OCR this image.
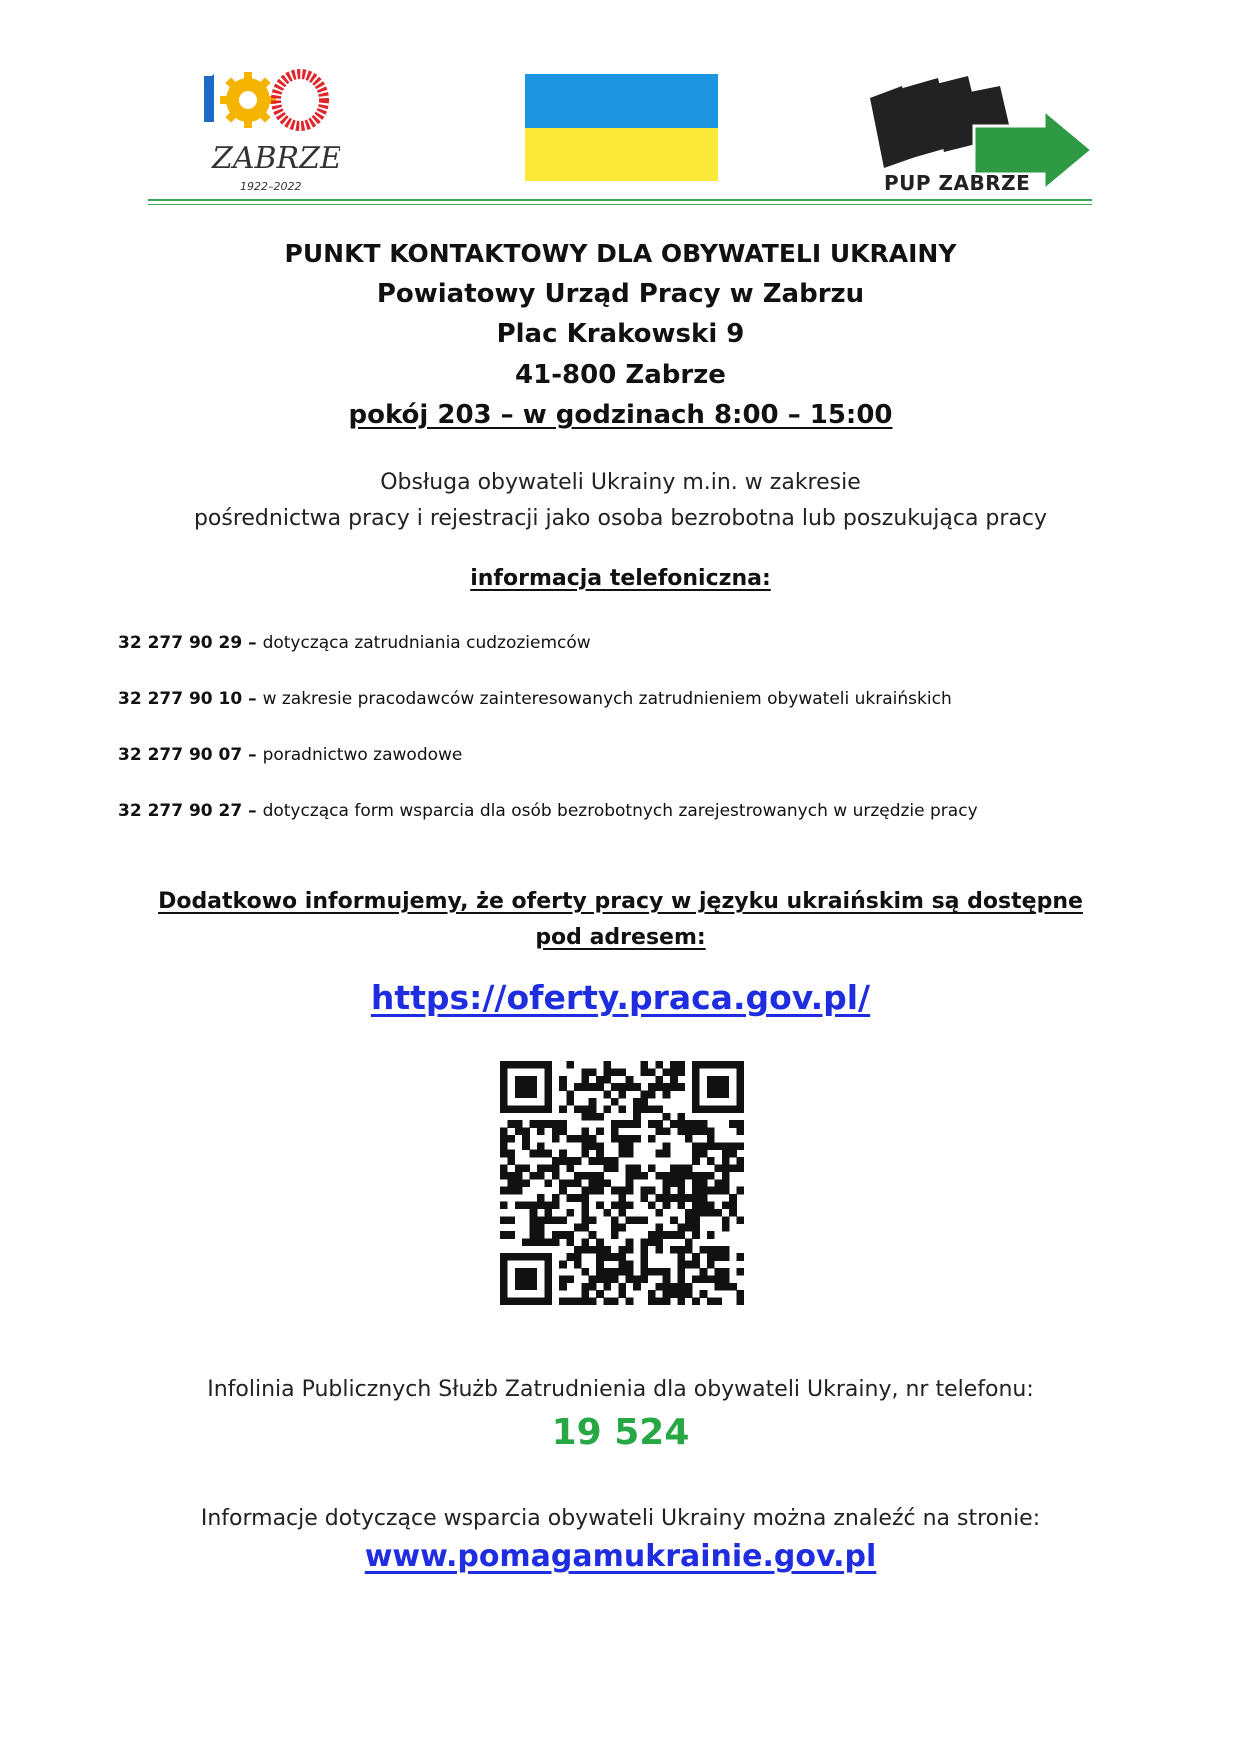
ZABRZE
1922–2022	PUP ZABRZE
PUNKT KONTAKTOWY DLA OBYWATELI UKRAINY
Powiatowy Urząd Pracy w Zabrzu
Plac Krakowski 9
41-800 Zabrze
pokój 203 – w godzinach 8:00 – 15:00
Obsługa obywateli Ukrainy m.in. w zakresie
pośrednictwa pracy i rejestracji jako osoba bezrobotna lub poszukująca pracy
informacja telefoniczna:
32 277 90 29 – dotycząca zatrudniania cudzoziemców
32 277 90 10 – w zakresie pracodawców zainteresowanych zatrudnieniem obywateli ukraińskich
32 277 90 07 – poradnictwo zawodowe
32 277 90 27 – dotycząca form wsparcia dla osób bezrobotnych zarejestrowanych w urzędzie pracy
Dodatkowo informujemy, że oferty pracy w języku ukraińskim są dostępne
pod adresem:
https://oferty.praca.gov.pl/
Infolinia Publicznych Służb Zatrudnienia dla obywateli Ukrainy, nr telefonu:
19 524
Informacje dotyczące wsparcia obywateli Ukrainy można znaleźć na stronie:
www.pomagamukrainie.gov.pl
